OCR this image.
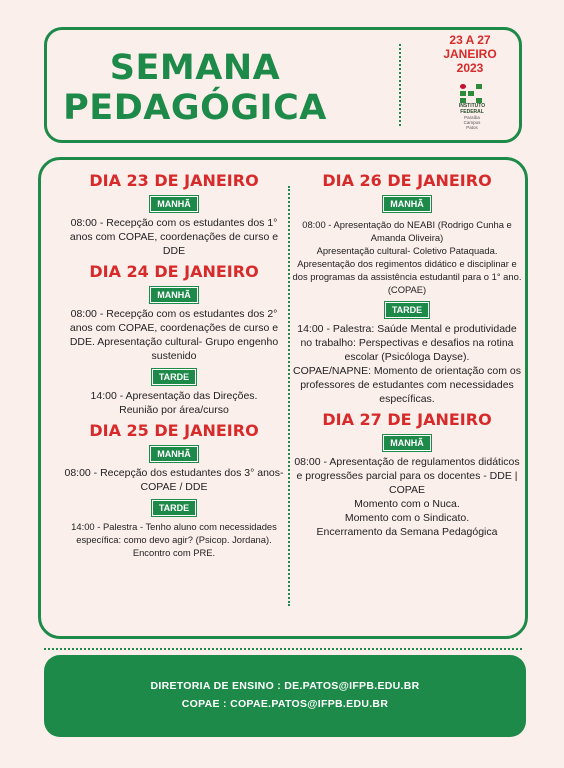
SEMANA
PEDAGÓGICA
23 A 27
JANEIRO
2023
INSTITUTO
FEDERAL
Paraíba
Campus
Patos
DIA 23 DE JANEIRO
MANHÃ
08:00 - Recepção com os estudantes dos 1° anos com COPAE, coordenações de curso e DDE
DIA 24 DE JANEIRO
MANHÃ
08:00 - Recepção com os estudantes dos 2° anos com COPAE, coordenações de curso e DDE. Apresentação cultural- Grupo engenho sustenido
TARDE
14:00 - Apresentação das Direções.
Reunião por área/curso
DIA 25 DE JANEIRO
MANHÃ
08:00 - Recepção dos estudantes dos 3° anos- COPAE / DDE
TARDE
14:00 - Palestra - Tenho aluno com necessidades específica: como devo agir? (Psicop. Jordana).
Encontro com PRE.
DIA 26 DE JANEIRO
MANHÃ
08:00 - Apresentação do NEABI (Rodrigo Cunha e Amanda Oliveira)
Apresentação cultural- Coletivo Pataquada.
Apresentação dos regimentos didático e disciplinar e dos programas da assistência estudantil para o 1° ano. (COPAE)
TARDE
14:00 - Palestra: Saúde Mental e produtividade no trabalho: Perspectivas e desafios na rotina escolar (Psicóloga Dayse).
COPAE/NAPNE: Momento de orientação com os professores de estudantes com necessidades específicas.
DIA 27 DE JANEIRO
MANHÃ
08:00 - Apresentação de regulamentos didáticos e progressões parcial para os docentes - DDE | COPAE
Momento com o Nuca.
Momento com o Sindicato.
Encerramento da Semana Pedagógica
DIRETORIA DE ENSINO : DE.PATOS@IFPB.EDU.BR
COPAE : COPAE.PATOS@IFPB.EDU.BR
